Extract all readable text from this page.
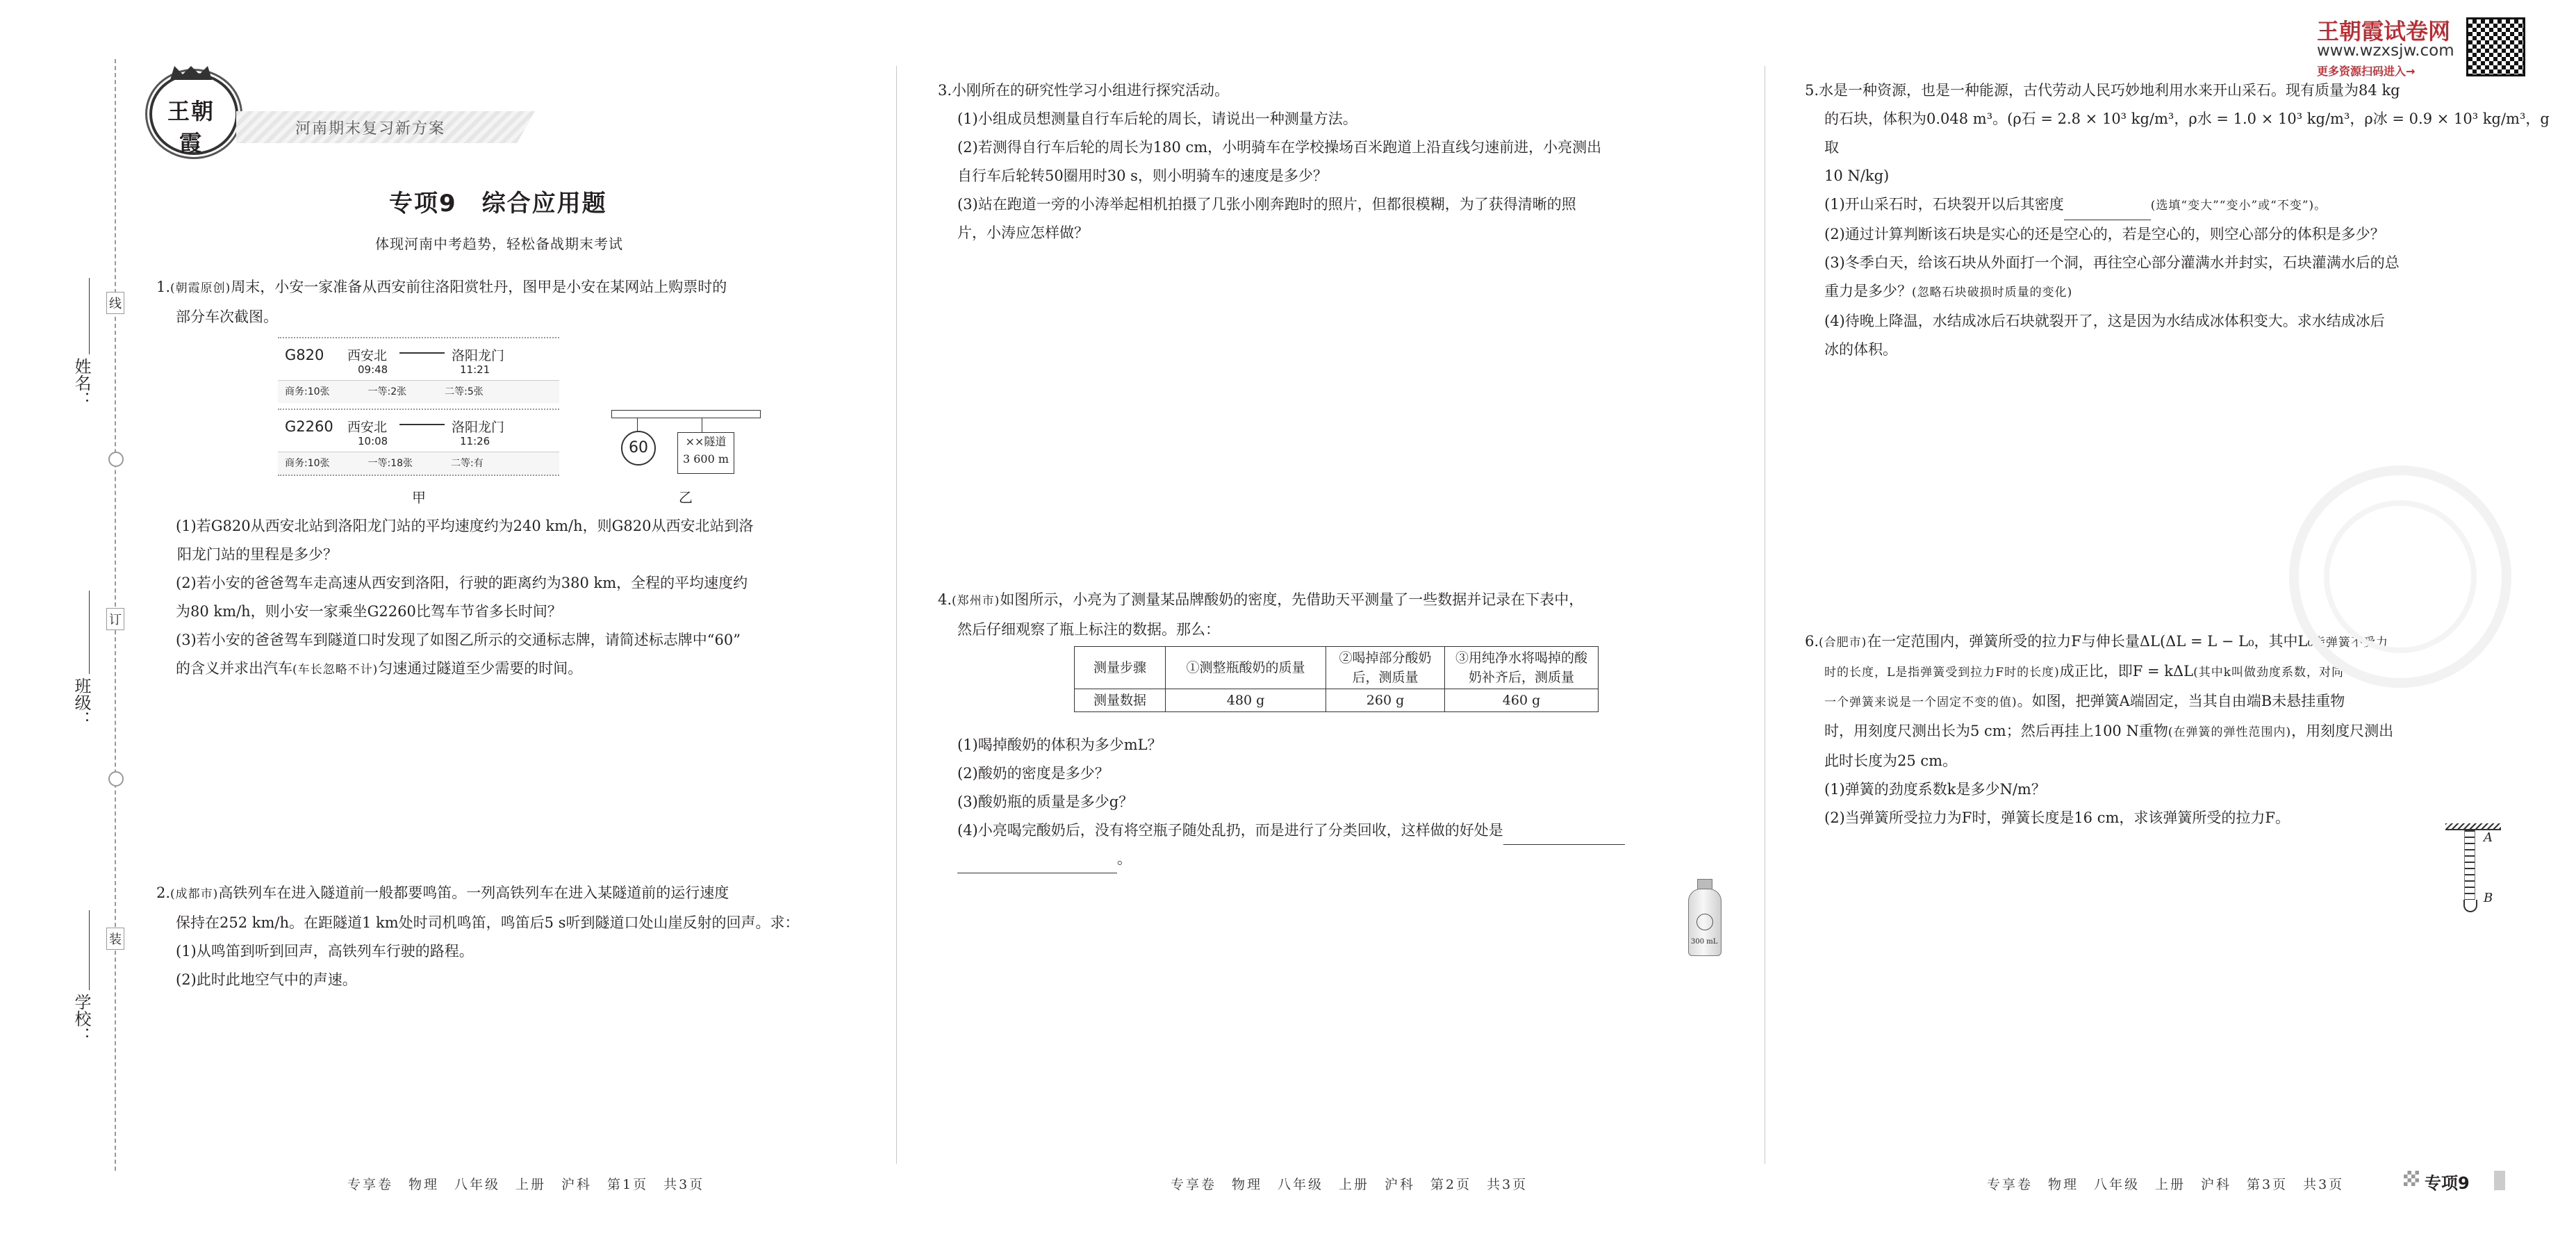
线
订
装
姓名：
班级：
学校：
王朝霞
河南期末复习新方案
专项9　综合应用题
体现河南中考趋势，轻松备战期末考试

1.(朝霞原创)周末，小安一家准备从西安前往洛阳赏牡丹，图甲是小安在某网站上购票时的

部分车次截图。

G820 西安北	洛阳龙门
09:48	11:21
商务:10张	一等:2张	二等:5张
G2260 西安北	洛阳龙门
10:08	11:26
商务:10张	一等:18张	二等:有
甲
60	××隧道
3 600 m
乙

(1)若G820从西安北站到洛阳龙门站的平均速度约为240 km/h，则G820从西安北站到洛

阳龙门站的里程是多少？

(2)若小安的爸爸驾车走高速从西安到洛阳，行驶的距离约为380 km，全程的平均速度约

为80 km/h，则小安一家乘坐G2260比驾车节省多长时间？

(3)若小安的爸爸驾车到隧道口时发现了如图乙所示的交通标志牌，请简述标志牌中“60”

的含义并求出汽车(车长忽略不计)匀速通过隧道至少需要的时间。

2.(成都市)高铁列车在进入隧道前一般都要鸣笛。一列高铁列车在进入某隧道前的运行速度

保持在252 km/h。在距隧道1 km处时司机鸣笛，鸣笛后5 s听到隧道口处山崖反射的回声。求：

(1)从鸣笛到听到回声，高铁列车行驶的路程。

(2)此时此地空气中的声速。

3.小刚所在的研究性学习小组进行探究活动。

(1)小组成员想测量自行车后轮的周长，请说出一种测量方法。

(2)若测得自行车后轮的周长为180 cm，小明骑车在学校操场百米跑道上沿直线匀速前进，小亮测出

自行车后轮转50圈用时30 s，则小明骑车的速度是多少？

(3)站在跑道一旁的小涛举起相机拍摄了几张小刚奔跑时的照片，但都很模糊，为了获得清晰的照

片，小涛应怎样做？

4.(郑州市)如图所示，小亮为了测量某品牌酸奶的密度，先借助天平测量了一些数据并记录在下表中，

然后仔细观察了瓶上标注的数据。那么：

测量步骤	①测整瓶酸奶的质量	②喝掉部分酸奶后，测质量	③用纯净水将喝掉的酸奶补齐后，测质量
测量数据	480 g	260 g	460 g

(1)喝掉酸奶的体积为多少mL？

(2)酸奶的密度是多少？

(3)酸奶瓶的质量是多少g？

(4)小亮喝完酸奶后，没有将空瓶子随处乱扔，而是进行了分类回收，这样做的好处是

。

300 mL

5.水是一种资源，也是一种能源，古代劳动人民巧妙地利用水来开山采石。现有质量为84 kg

的石块，体积为0.048 m³。(ρ石 = 2.8 × 10³ kg/m³，ρ水 = 1.0 × 10³ kg/m³，ρ冰 = 0.9 × 10³ kg/m³，g取

10 N/kg)

(1)开山采石时，石块裂开以后其密度	(选填“变大”“变小”或“不变”)。

(2)通过计算判断该石块是实心的还是空心的，若是空心的，则空心部分的体积是多少？

(3)冬季白天，给该石块从外面打一个洞，再往空心部分灌满水并封实，石块灌满水后的总

重力是多少？(忽略石块破损时质量的变化)

(4)待晚上降温，水结成冰后石块就裂开了，这是因为水结成冰体积变大。求水结成冰后

冰的体积。

6.(合肥市)在一定范围内，弹簧所受的拉力F与伸长量ΔL(ΔL = L − L₀，其中L₀指弹簧不受力

时的长度，L是指弹簧受到拉力F时的长度)成正比，即F = kΔL(其中k叫做劲度系数，对同

一个弹簧来说是一个固定不变的值)。如图，把弹簧A端固定，当其自由端B未悬挂重物

时，用刻度尺测出长为5 cm；然后再挂上100 N重物(在弹簧的弹性范围内)，用刻度尺测出

此时长度为25 cm。

(1)弹簧的劲度系数k是多少N/m？

(2)当弹簧所受拉力为F时，弹簧长度是16 cm，求该弹簧所受的拉力F。

A
B
王朝霞试卷网
www.wzxsjw.com
更多资源扫码进入→
专享卷　物理　八年级　上册　沪科　第1页　共3页	专享卷　物理　八年级　上册　沪科　第2页　共3页	专享卷　物理　八年级　上册　沪科　第3页　共3页	专项9
